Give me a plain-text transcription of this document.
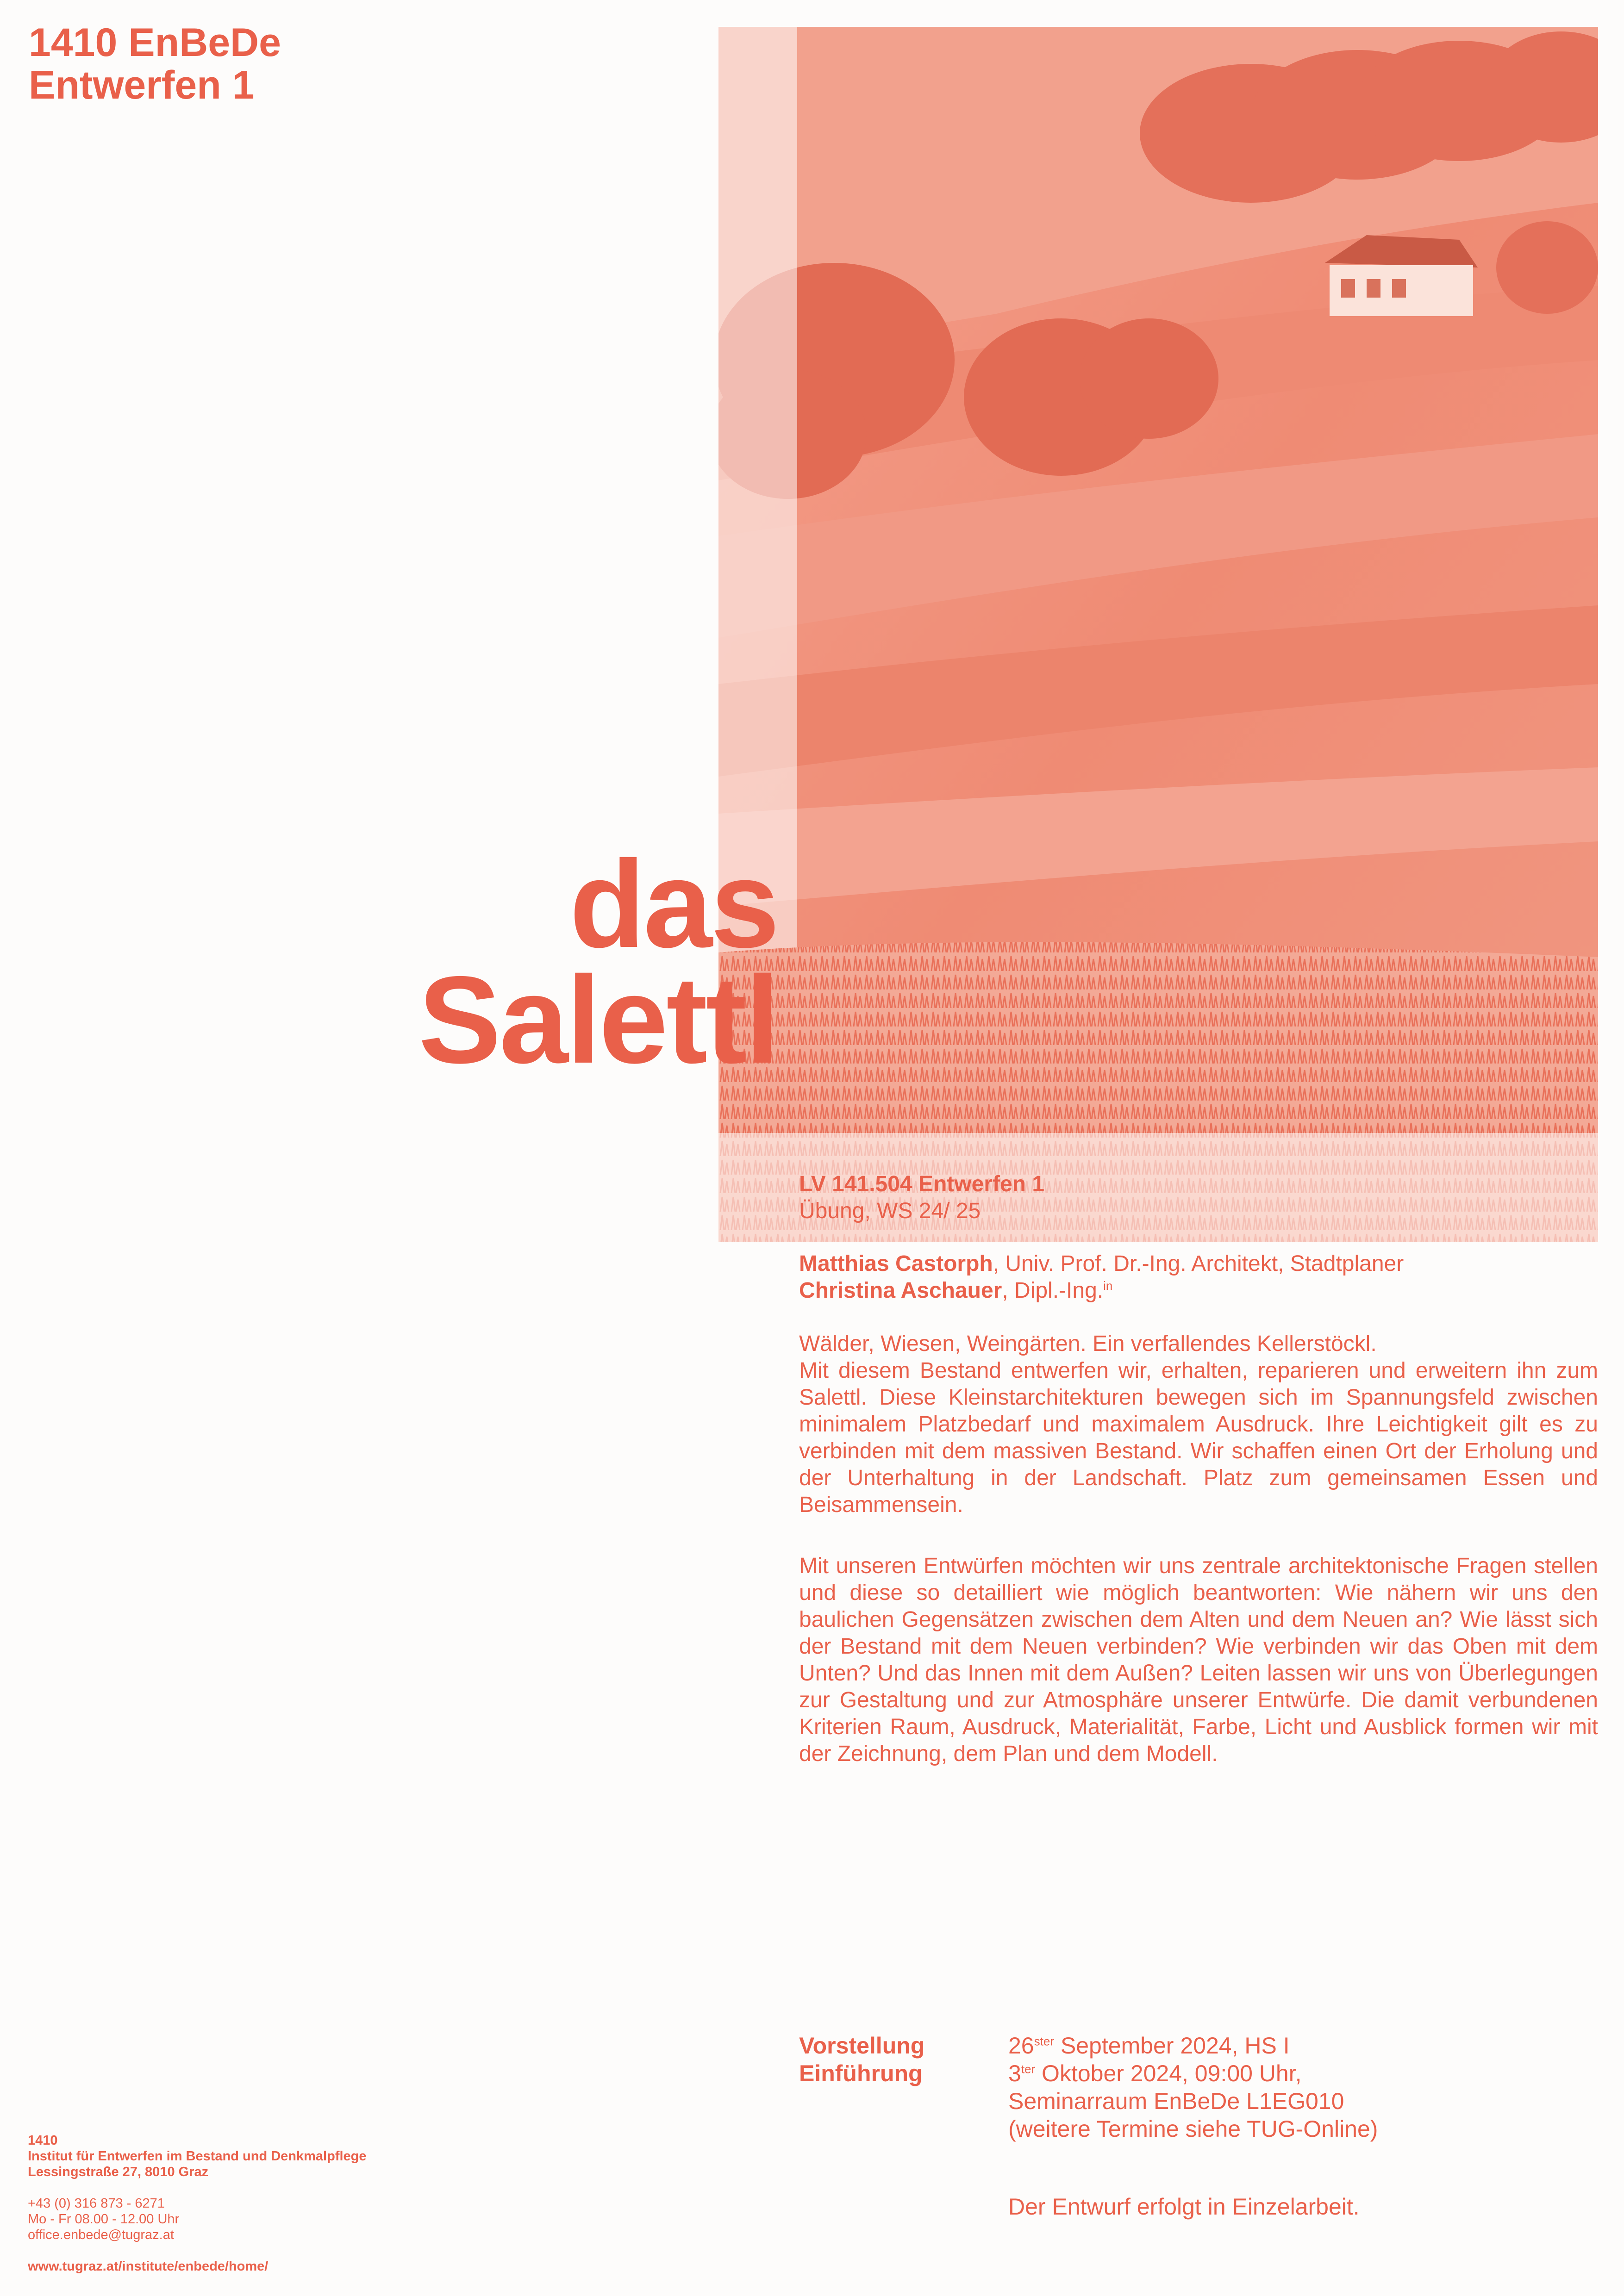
1410 EnBeDe
Entwerfen 1
das
Salettl
LV 141.504 Entwerfen 1
Übung, WS 24/ 25
Matthias Castorph, Univ. Prof. Dr.-Ing. Architekt, Stadtplaner
Christina Aschauer, Dipl.-Ing.$^{in}$
Wälder, Wiesen, Weingärten. Ein verfallendes Kellerstöckl.
Mit diesem Bestand entwerfen wir, erhalten, reparieren und erweitern ihn zum Salettl. Diese Kleinstarchitekturen bewegen sich im Spannungsfeld zwischen minimalem Platzbedarf und maximalem Ausdruck. Ihre Leichtigkeit gilt es zu verbinden mit dem massiven Bestand. Wir schaffen einen Ort der Erholung und der Unterhaltung in der Landschaft. Platz zum gemeinsamen Essen und Beisammensein.
Mit unseren Entwürfen möchten wir uns zentrale architektonische Fragen stellen und diese so detailliert wie möglich beantworten: Wie nähern wir uns den baulichen Gegensätzen zwischen dem Alten und dem Neuen an? Wie lässt sich der Bestand mit dem Neuen verbinden? Wie verbinden wir das Oben mit dem Unten? Und das Innen mit dem Außen? Leiten lassen wir uns von Überlegungen zur Gestaltung und zur Atmosphäre unserer Entwürfe. Die damit verbundenen Kriterien Raum, Ausdruck, Materialität, Farbe, Licht und Ausblick formen wir mit der Zeichnung, dem Plan und dem Modell.
Vorstellung	$26^{ster}$ September 2024, HS I
Einführung	$3^{ter}$ Oktober 2024, 09:00 Uhr,
Seminarraum EnBeDe L1EG010
(weitere Termine siehe TUG-Online)
Der Entwurf erfolgt in Einzelarbeit.
1410
Institut für Entwerfen im Bestand und Denkmalpflege
Lessingstraße 27, 8010 Graz
+43 (0) 316 873 - 6271
Mo - Fr 08.00 - 12.00 Uhr
office.enbede@tugraz.at
www.tugraz.at/institute/enbede/home/
